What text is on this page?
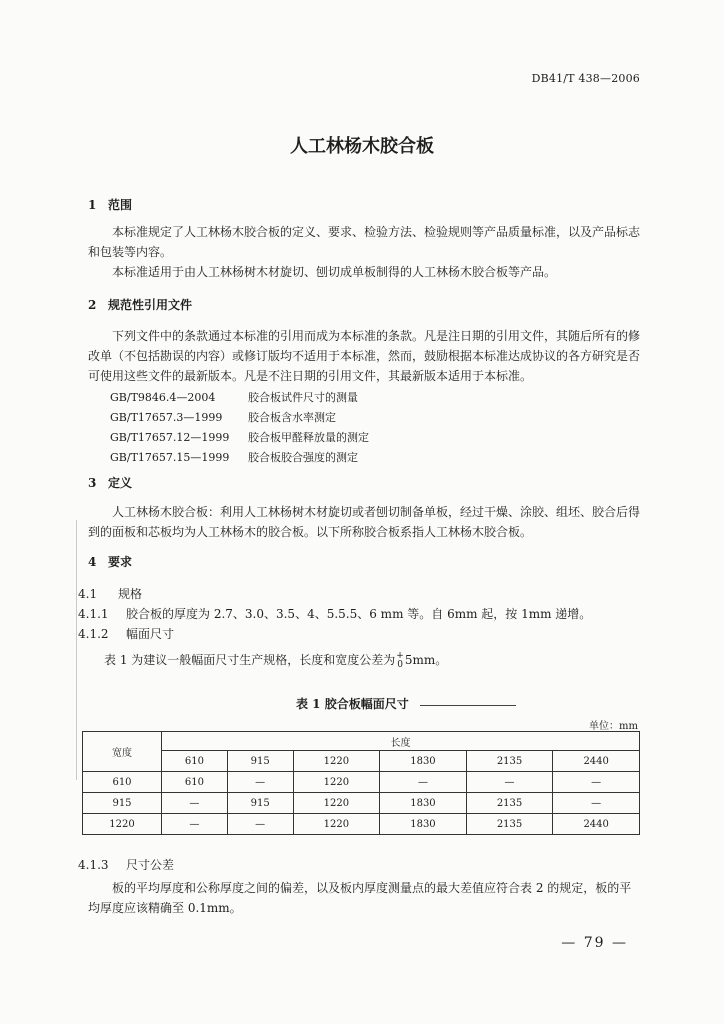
DB41/T 438—2006
人工林杨木胶合板
1 范围
本标准规定了人工林杨木胶合板的定义、要求、检验方法、检验规则等产品质量标准，以及产品标志和包装等内容。
本标准适用于由人工林杨树木材旋切、刨切成单板制得的人工林杨木胶合板等产品。
2 规范性引用文件
下列文件中的条款通过本标准的引用而成为本标准的条款。凡是注日期的引用文件，其随后所有的修改单（不包括勘误的内容）或修订版均不适用于本标准，然而，鼓励根据本标准达成协议的各方研究是否可使用这些文件的最新版本。凡是不注日期的引用文件，其最新版本适用于本标准。
GB/T9846.4—2004	胶合板试件尺寸的测量
GB/T17657.3—1999 胶合板含水率测定
GB/T17657.12—1999 胶合板甲醛释放量的测定
GB/T17657.15—1999 胶合板胶合强度的测定
3 定义
人工林杨木胶合板：利用人工林杨树木材旋切或者刨切制备单板，经过干燥、涂胶、组坯、胶合后得到的面板和芯板均为人工林杨木的胶合板。以下所称胶合板系指人工林杨木胶合板。
4 要求
4.1 规格
4.1.1 胶合板的厚度为 2.7、3.0、3.5、4、5.5.5、6 mm 等。自 6mm 起，按 1mm 递增。
4.1.2 幅面尺寸
表 1 为建议一般幅面尺寸生产规格，长度和宽度公差为 +
0 5mm。
表 1 胶合板幅面尺寸
单位：mm
宽度	长度					
	610	915	1220	1830	2135	2440
610	610	—	1220	—	—	—
915	—	915	1220	1830	2135	—
1220	—	—	1220	1830	2135	2440
4.1.3 尺寸公差
板的平均厚度和公称厚度之间的偏差，以及板内厚度测量点的最大差值应符合表 2 的规定，板的平均厚度应该精确至 0.1mm。
— 79 —
